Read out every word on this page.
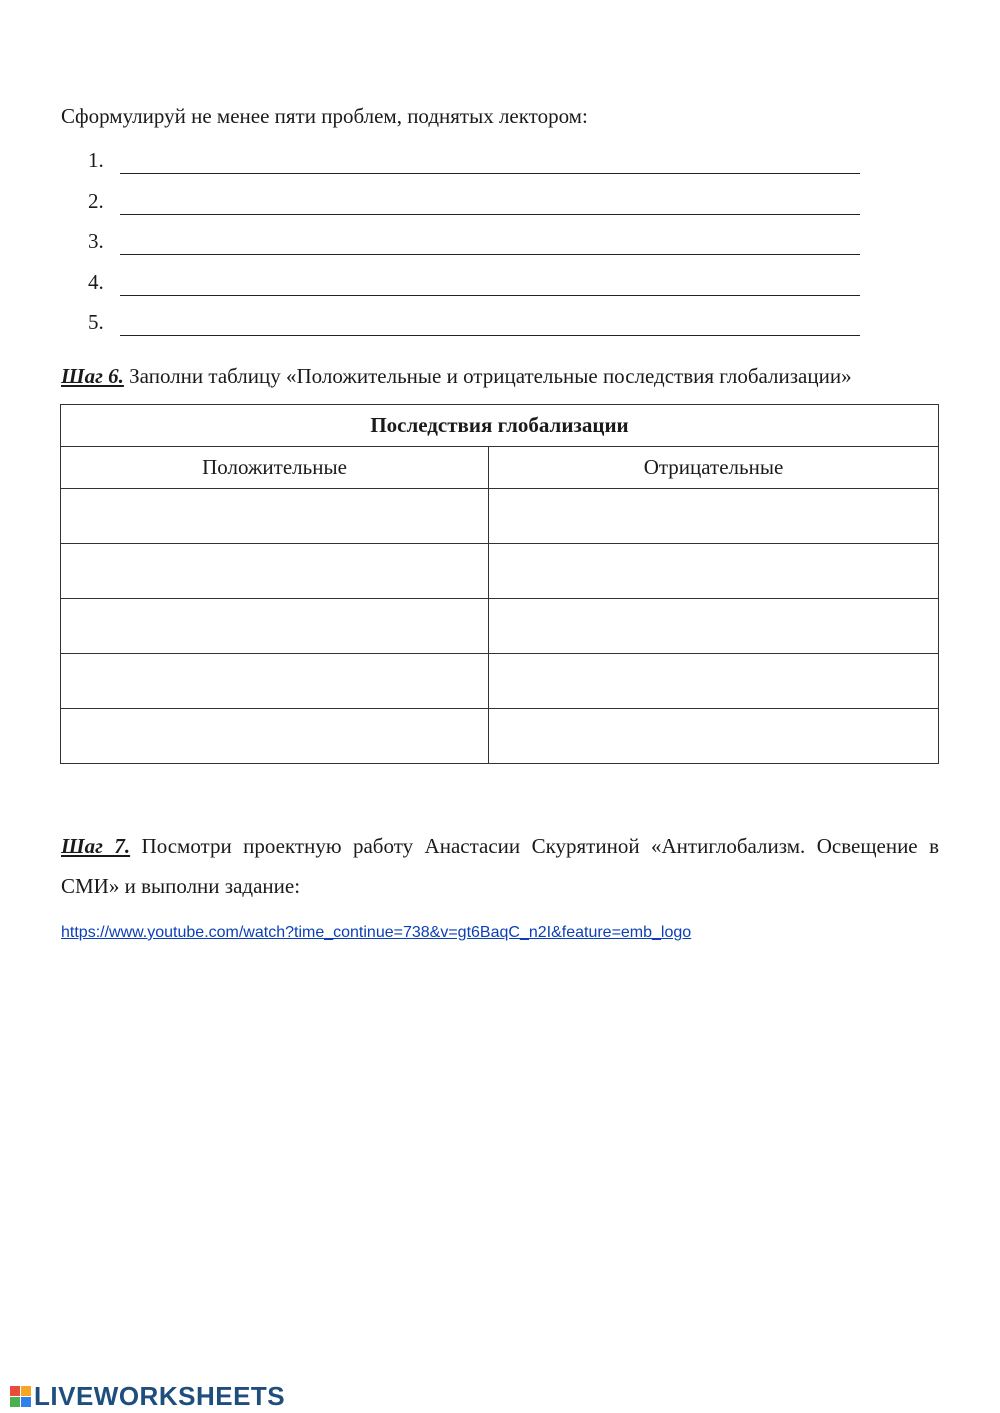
Сформулируй не менее пяти проблем, поднятых лектором:
1.
2.
3.
4.
5.
Шаг 6. Заполни таблицу «Положительные и отрицательные последствия глобализации»
Последствия глобализации	
Положительные	Отрицательные

Шаг 7. Посмотри проектную работу Анастасии Скурятиной «Антиглобализм. Освещение в СМИ» и выполни задание:
https://www.youtube.com/watch?time_continue=738&v=gt6BaqC_n2I&feature=emb_logo
LIVEWORKSHEETS
